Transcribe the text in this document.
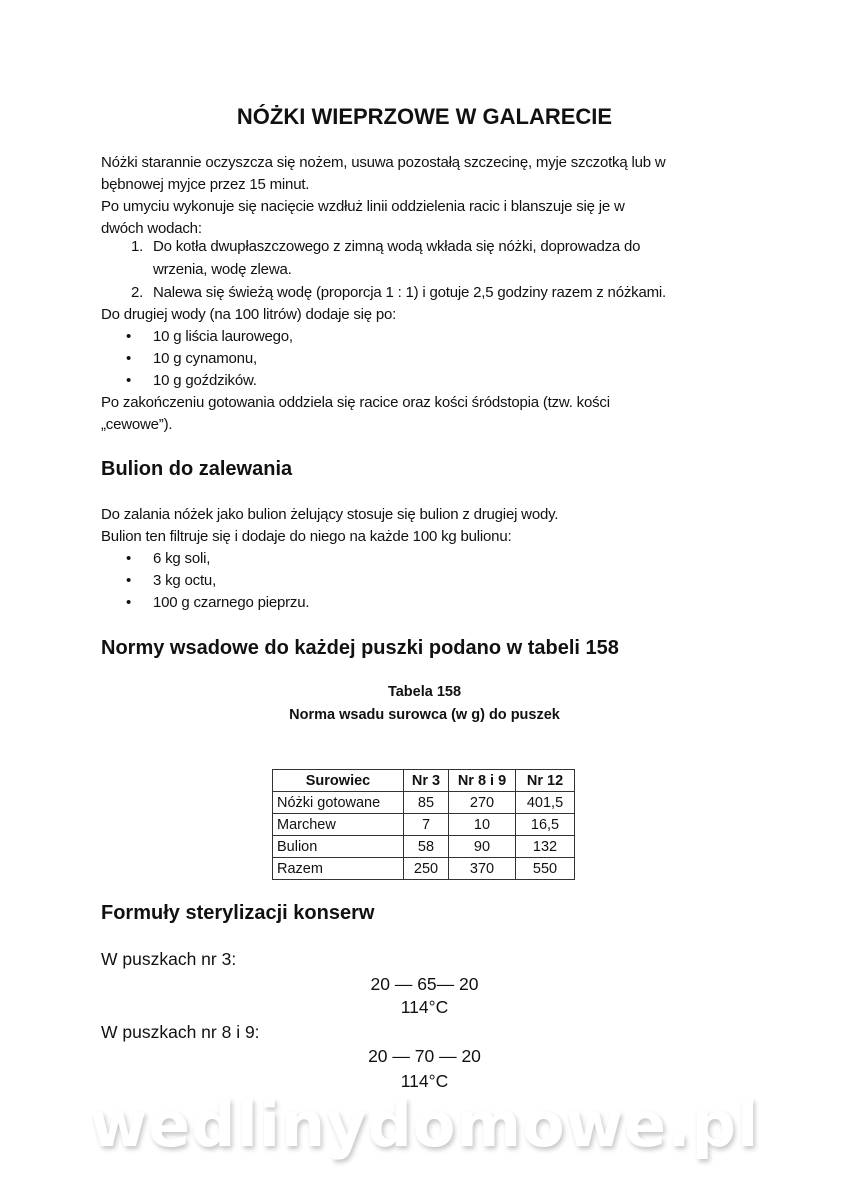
NÓŻKI WIEPRZOWE W GALARECIE
Nóżki starannie oczyszcza się nożem, usuwa pozostałą szczecinę, myje szczotką lub w
bębnowej myjce przez 15 minut.
Po umyciu wykonuje się nacięcie wzdłuż linii oddzielenia racic i blanszuje się je w
dwóch wodach:
1. Do kotła dwupłaszczowego z zimną wodą wkłada się nóżki, doprowadza do
wrzenia, wodę zlewa.
2. Nalewa się świeżą wodę (proporcja 1 : 1) i gotuje 2,5 godziny razem z nóżkami.
Do drugiej wody (na 100 litrów) dodaje się po:
• 10 g liścia laurowego,
• 10 g cynamonu,
• 10 g goździków.
Po zakończeniu gotowania oddziela się racice oraz kości śródstopia (tzw. kości
„cewowe”).
Bulion do zalewania
Do zalania nóżek jako bulion żelujący stosuje się bulion z drugiej wody.
Bulion ten filtruje się i dodaje do niego na każde 100 kg bulionu:
• 6 kg soli,
• 3 kg octu,
• 100 g czarnego pieprzu.
Normy wsadowe do każdej puszki podano w tabeli 158
Tabela 158
Norma wsadu surowca (w g) do puszek
Surowiec	Nr 3	Nr 8 i 9	Nr 12
Nóżki gotowane	85	270	401,5
Marchew	7	10	16,5
Bulion	58	90	132
Razem	250	370	550
Formuły sterylizacji konserw
W puszkach nr 3:
20 — 65— 20
114°C
W puszkach nr 8 i 9:
20 — 70 — 20
114°C
wedlinydomowe.pl
